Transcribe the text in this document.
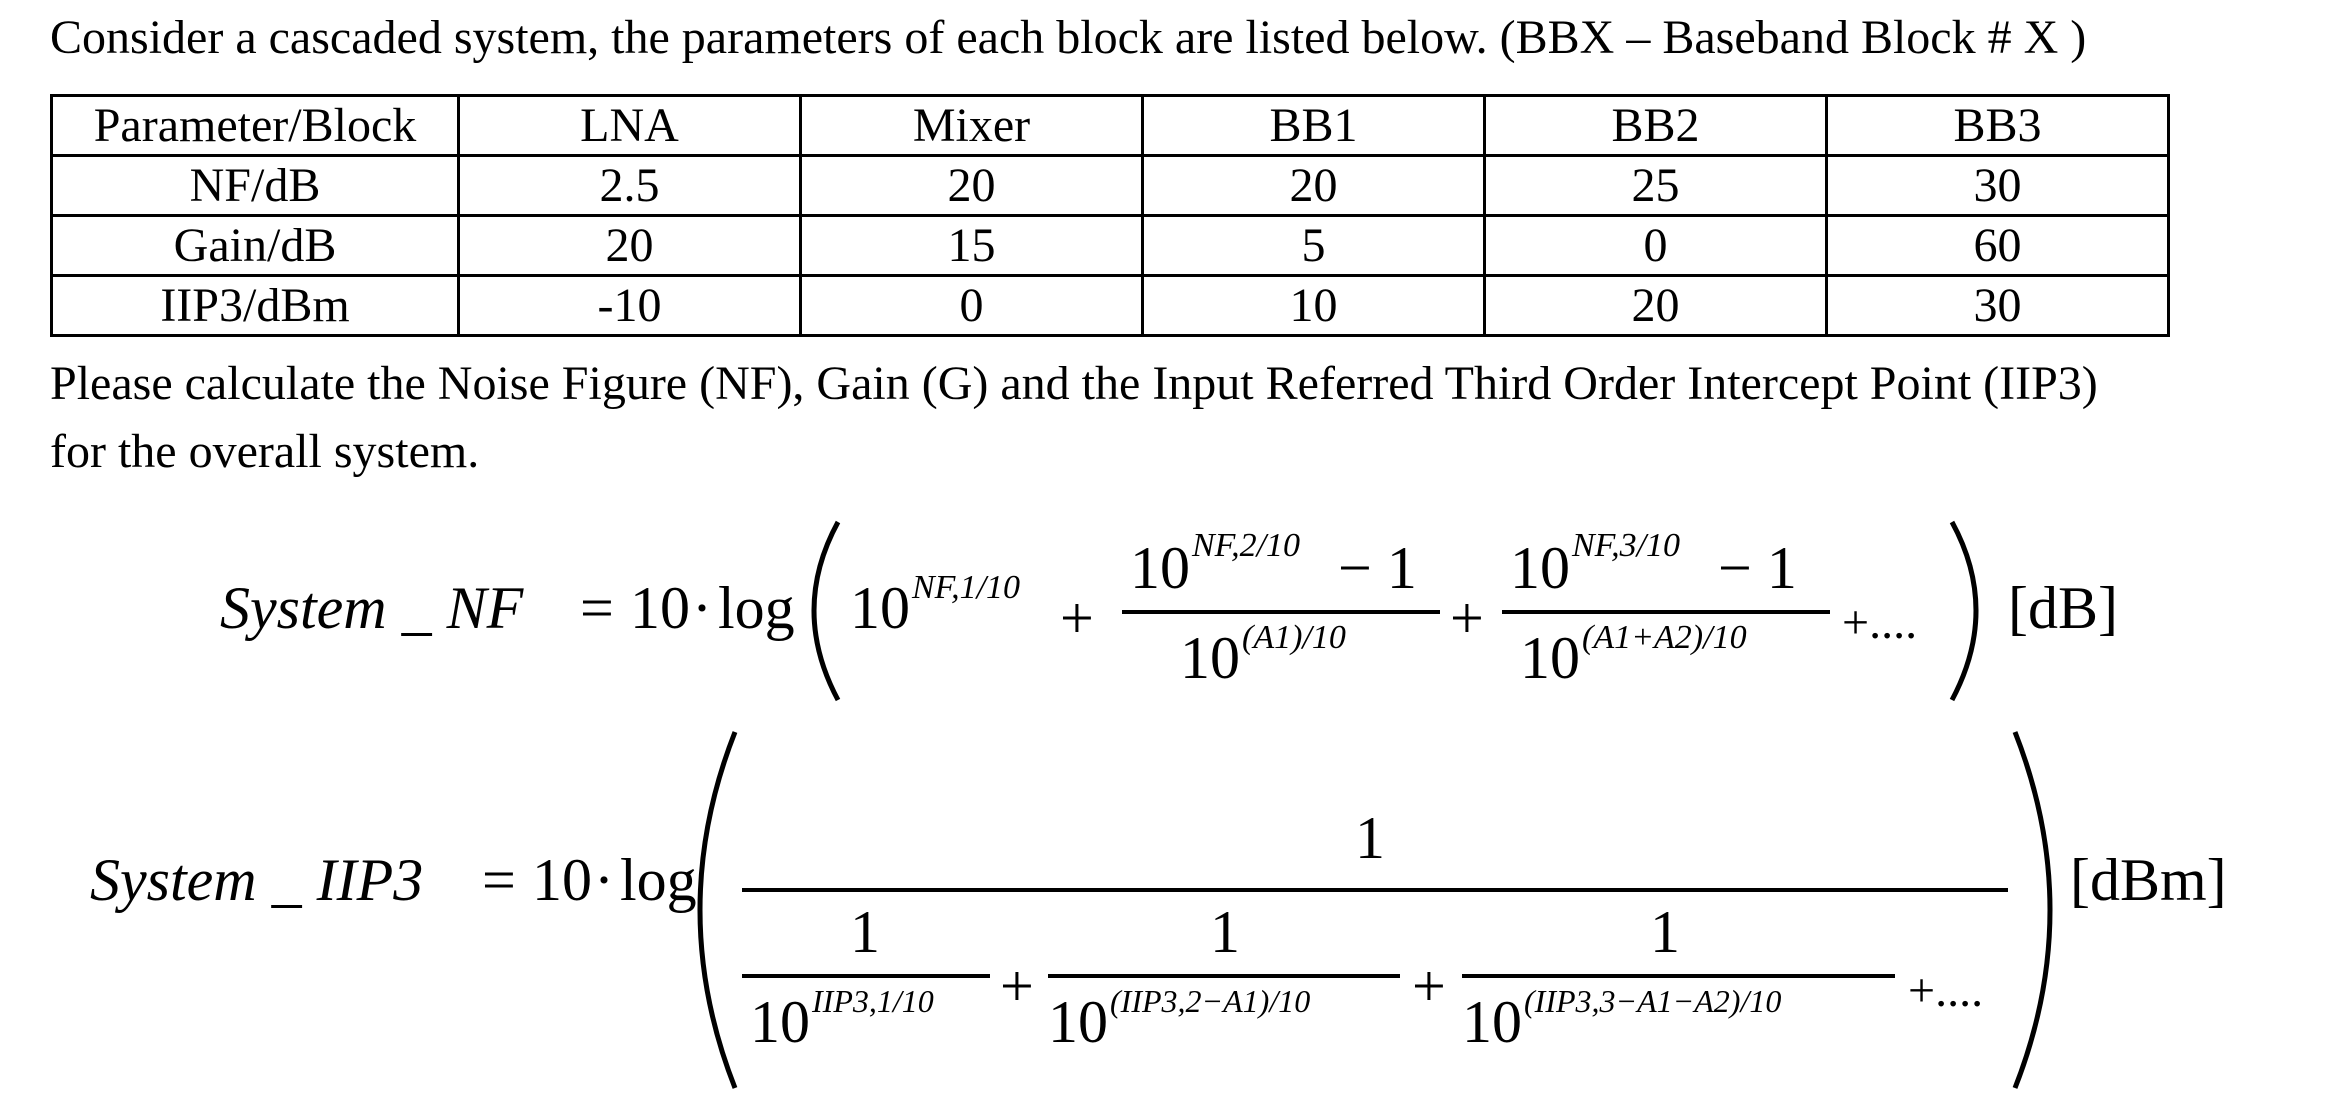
Consider a cascaded system, the parameters of each block are listed below. (BBX – Baseband Block # X )
Parameter/Block	LNA	Mixer	BB1	BB2	BB3
NF/dB	2.5	20	20	25	30
Gain/dB	20	15	5	0	60
IIP3/dBm	-10	0	10	20	30
Please calculate the Noise Figure (NF), Gain (G) and the Input Referred Third Order Intercept Point (IIP3)
for the overall system.
System _ NF = 10 · log 10 NF,1/10 +
10 NF,2/10 − 1
10 (A1)/10 +
10 NF,3/10 − 1
10 (A1+A2)/10 +.... [dB]
System _ IIP3 = 10 · log
1
1
10 IIP3,1/10 +
1
10 (IIP3,2−A1)/10 +
1
10 (IIP3,3−A1−A2)/10	+....
[dBm]
